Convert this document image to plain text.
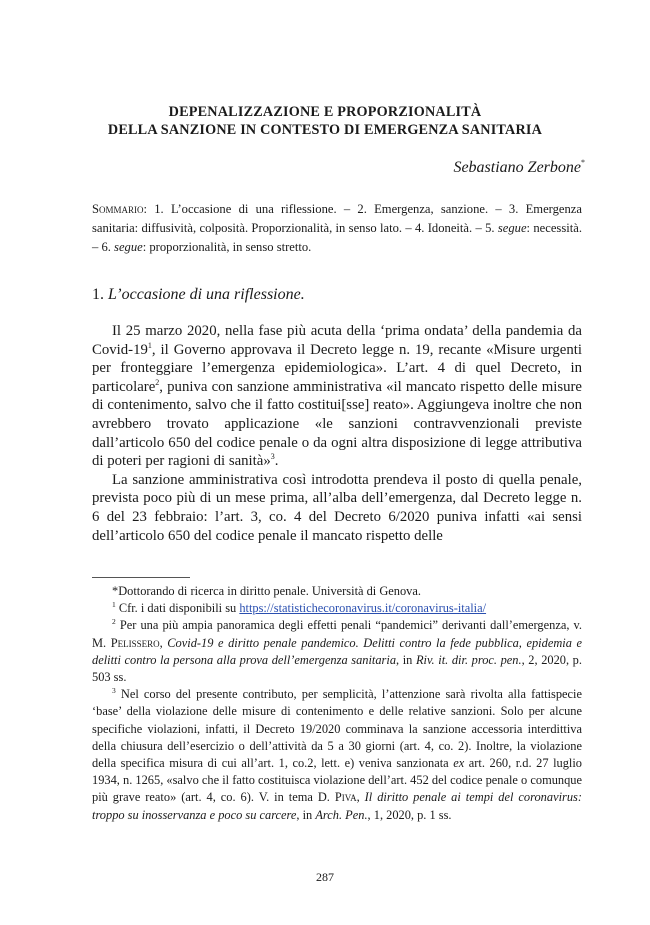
DEPENALIZZAZIONE E PROPORZIONALITÀ
DELLA SANZIONE IN CONTESTO DI EMERGENZA SANITARIA
Sebastiano Zerbone*
Sommario: 1. L’occasione di una riflessione. – 2. Emergenza, sanzione. – 3. Emergenza sanitaria: diffusività, colposità. Proporzionalità, in senso lato. – 4. Idoneità. – 5. segue: necessità. – 6. segue: proporzionalità, in senso stretto.
1. L’occasione di una riflessione.

Il 25 marzo 2020, nella fase più acuta della ‘prima ondata’ della pandemia da Covid-$19^1$, il Governo approvava il Decreto legge n. 19, recante «Misure urgenti per fronteggiare l’emergenza epidemiologica». L’art. 4 di quel Decreto, in particolare$^2$, puniva con sanzione amministrativa «il mancato rispetto delle misure di contenimento, salvo che il fatto costitui[sse] reato». Aggiungeva inoltre che non avrebbero trovato applicazione «le sanzioni contravvenzionali previste dall’articolo 650 del codice penale o da ogni altra disposizione di legge attributiva di poteri per ragioni di sanità»$^3$.

La sanzione amministrativa così introdotta prendeva il posto di quella penale, prevista poco più di un mese prima, all’alba dell’emergenza, dal Decreto legge n. 6 del 23 febbraio: l’art. 3, co. 4 del Decreto 6/2020 puniva infatti «ai sensi dell’articolo 650 del codice penale il mancato rispetto delle

*Dottorando di ricerca in diritto penale. Università di Genova.

$^1$ Cfr. i dati disponibili su https://statistichecoronavirus.it/coronavirus-italia/

$^2$ Per una più ampia panoramica degli effetti penali “pandemici” derivanti dall’emergenza, v. M. Pelissero, Covid-19 e diritto penale pandemico. Delitti contro la fede pubblica, epidemia e delitti contro la persona alla prova dell’emergenza sanitaria, in Riv. it. dir. proc. pen., 2, 2020, p. 503 ss.

$^3$ Nel corso del presente contributo, per semplicità, l’attenzione sarà rivolta alla fattispecie ‘base’ della violazione delle misure di contenimento e delle relative sanzioni. Solo per alcune specifiche violazioni, infatti, il Decreto 19/2020 comminava la sanzione accessoria interdittiva della chiusura dell’esercizio o dell’attività da 5 a 30 giorni (art. 4, co. 2). Inoltre, la violazione della specifica misura di cui all’art. 1, co.2, lett. e) veniva sanzionata ex art. 260, r.d. 27 luglio 1934, n. 1265, «salvo che il fatto costituisca violazione dell’art. 452 del codice penale o comunque più grave reato» (art. 4, co. 6). V. in tema D. Piva, Il diritto penale ai tempi del coronavirus: troppo su inosservanza e poco su carcere, in Arch. Pen., 1, 2020, p. 1 ss.

287
